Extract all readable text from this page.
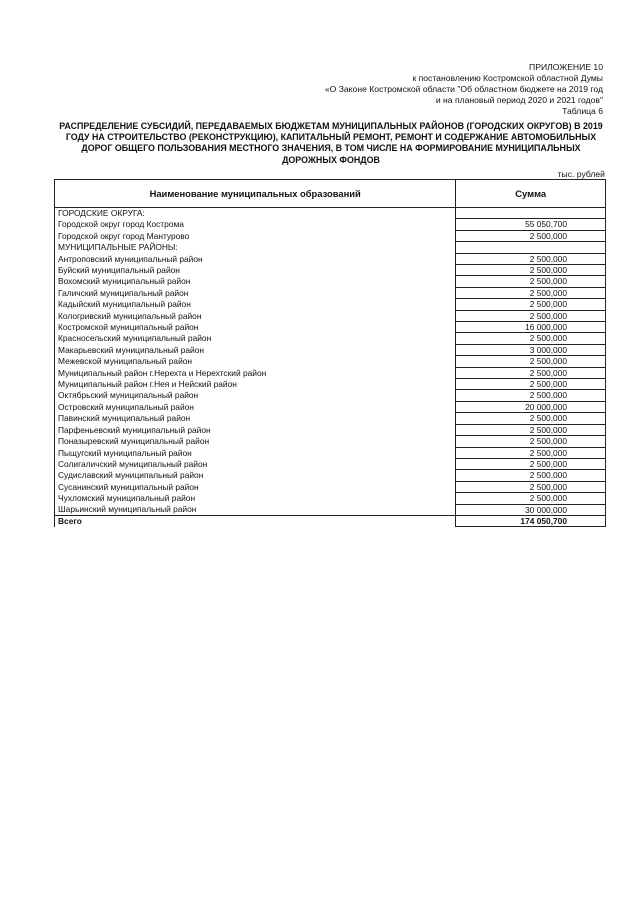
ПРИЛОЖЕНИЕ 10
к постановлению Костромской областной Думы
«О Законе Костромской области "Об областном бюджете на 2019 год
и на плановый период 2020 и 2021 годов"
Таблица 6
РАСПРЕДЕЛЕНИЕ СУБСИДИЙ, ПЕРЕДАВАЕМЫХ БЮДЖЕТАМ МУНИЦИПАЛЬНЫХ РАЙОНОВ (ГОРОДСКИХ ОКРУГОВ) В 2019 ГОДУ НА СТРОИТЕЛЬСТВО (РЕКОНСТРУКЦИЮ), КАПИТАЛЬНЫЙ РЕМОНТ, РЕМОНТ И СОДЕРЖАНИЕ АВТОМОБИЛЬНЫХ ДОРОГ ОБЩЕГО ПОЛЬЗОВАНИЯ МЕСТНОГО ЗНАЧЕНИЯ, В ТОМ ЧИСЛЕ НА ФОРМИРОВАНИЕ МУНИЦИПАЛЬНЫХ ДОРОЖНЫХ ФОНДОВ
тыс. рублей
Наименование муниципальных образований	Сумма
ГОРОДСКИЕ ОКРУГА:	
Городской округ город Кострома	55 050,700
Городской округ город Мантурово	2 500,000
МУНИЦИПАЛЬНЫЕ РАЙОНЫ:	
Антроповский муниципальный район	2 500,000
Буйский муниципальный район	2 500,000
Вохомский муниципальный район	2 500,000
Галичский муниципальный район	2 500,000
Кадыйский муниципальный район	2 500,000
Кологривский муниципальный район	2 500,000
Костромской муниципальный район	16 000,000
Красносельский муниципальный район	2 500,000
Макарьевский муниципальный район	3 000,000
Межевской муниципальный район	2 500,000
Муниципальный район г.Нерехта и Нерехтский район	2 500,000
Муниципальный район г.Нея и Нейский район	2 500,000
Октябрьский муниципальный район	2 500,000
Островский муниципальный район	20 000,000
Павинский муниципальный район	2 500,000
Парфеньевский муниципальный район	2 500,000
Поназыревский муниципальный район	2 500,000
Пыщугский муниципальный район	2 500,000
Солигаличский муниципальный район	2 500,000
Судиславский муниципальный район	2 500,000
Сусанинский муниципальный район	2 500,000
Чухломский муниципальный район	2 500,000
Шарьинский муниципальный район	30 000,000
Всего	174 050,700
